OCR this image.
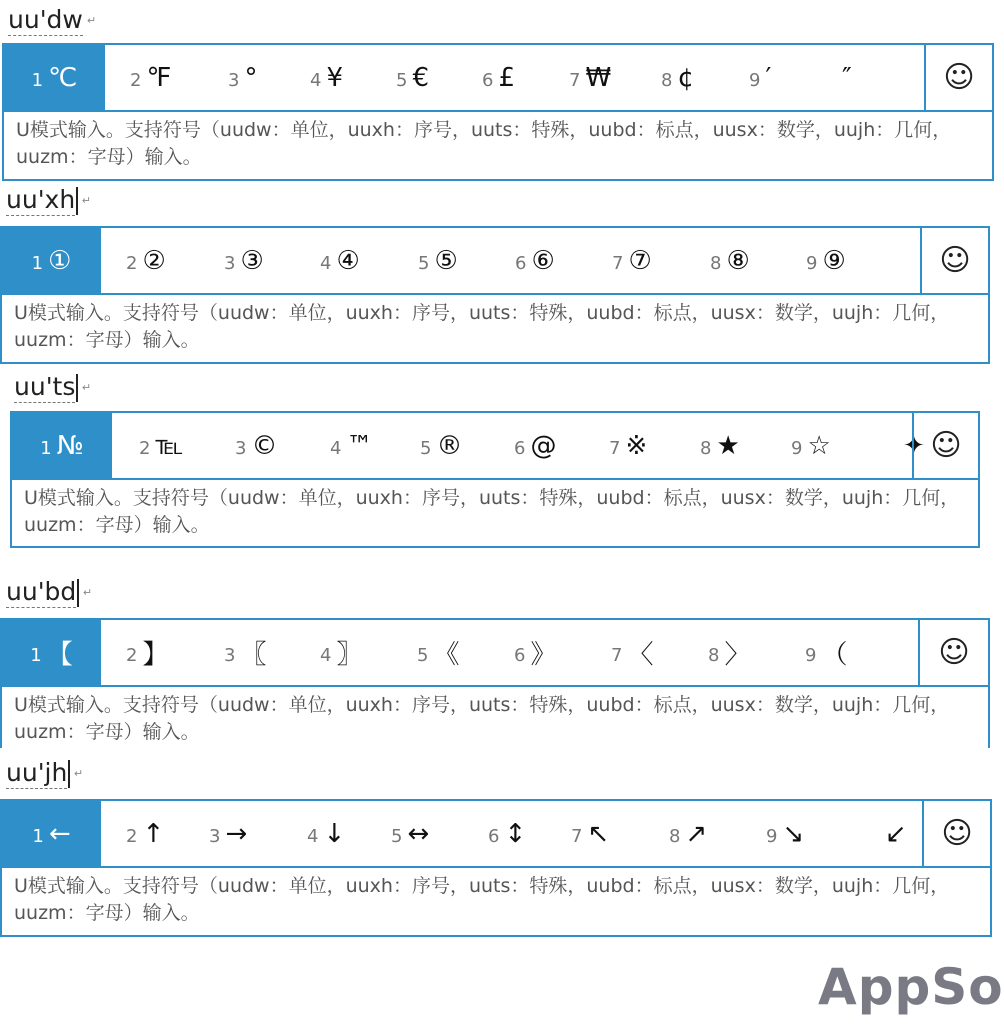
uu'dw ↵
1 ℃	2 ℉	3 °	4 ¥	5 €	6 £	7 ₩	8 ¢	9 ′	″	☺
U模式输入。支持符号（uudw：单位，uuxh：序号，uuts：特殊，uubd：标点，uusx：数学，uujh：几何，uuzm：字母）输入。
uu'xh ↵
1 ①	2 ②	3 ③	4 ④	5 ⑤	6 ⑥	7 ⑦	8 ⑧	9 ⑨	☺
U模式输入。支持符号（uudw：单位，uuxh：序号，uuts：特殊，uubd：标点，uusx：数学，uujh：几何，uuzm：字母）输入。
uu'ts ↵
1 №	2 ℡	3 ©	4 ™	5 ®	6 @	7 ※	8 ★	9 ☆	✦ ☺
U模式输入。支持符号（uudw：单位，uuxh：序号，uuts：特殊，uubd：标点，uusx：数学，uujh：几何，uuzm：字母）输入。
uu'bd ↵
1 【	2 】	3 〖	4 〗	5 《	6 》	7 〈	8 〉	9 （	☺
U模式输入。支持符号（uudw：单位，uuxh：序号，uuts：特殊，uubd：标点，uusx：数学，uujh：几何，uuzm：字母）输入。
uu'jh ↵
1 ←	2 ↑ 3 →	4 ↓	5 ↔	6 ↕ 7 ↖	8 ↗	9 ↘	↙ ☺
U模式输入。支持符号（uudw：单位，uuxh：序号，uuts：特殊，uubd：标点，uusx：数学，uujh：几何，uuzm：字母）输入。
AppSo
